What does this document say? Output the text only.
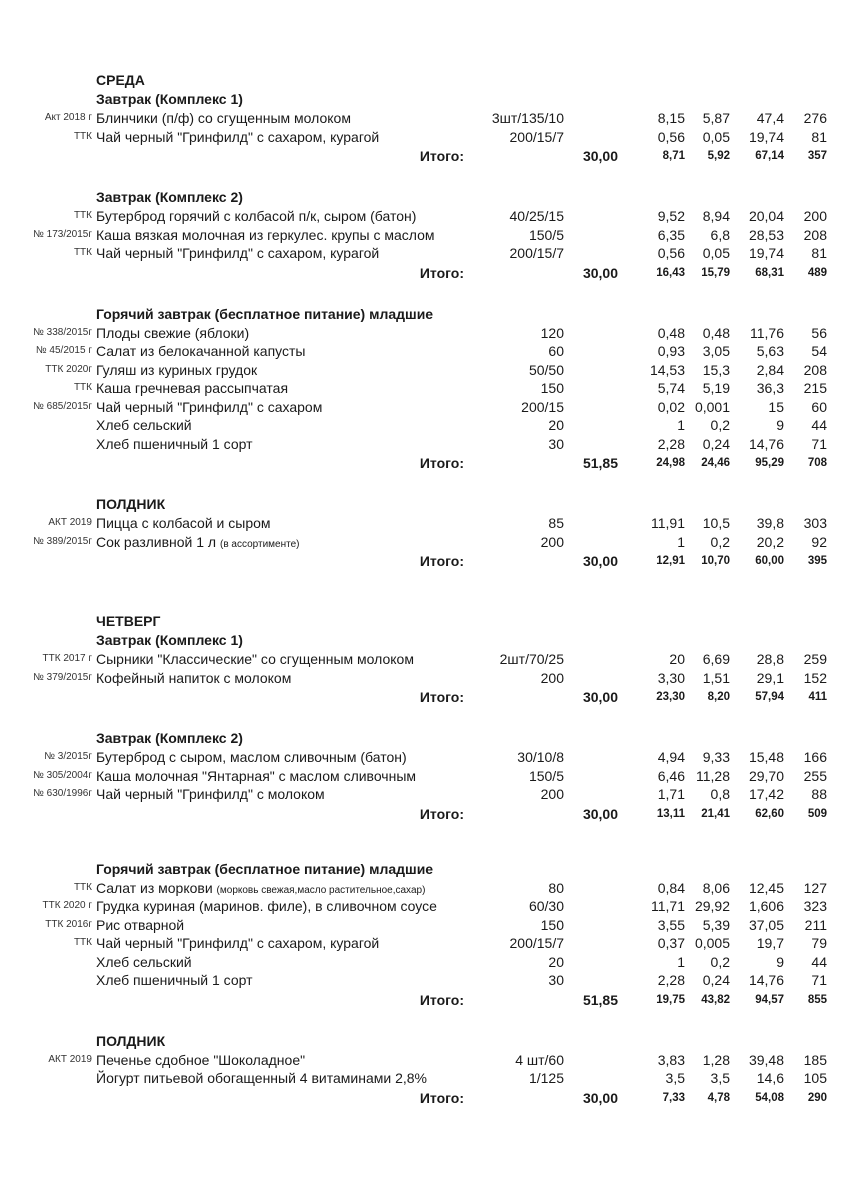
СРЕДА
Завтрак (Комплекс 1)
Акт 2018 г Блинчики (п/ф) со сгущенным молоком	3шт/135/10	8,15 5,87 47,4 276
ТТК Чай черный "Гринфилд" с сахаром, курагой	200/15/7	0,56 0,05 19,74 81
Итого:	30,00	8,71 5,92 67,14 357
Завтрак (Комплекс 2)
ТТК Бутерброд горячий с колбасой п/к, сыром (батон)	40/25/15	9,52 8,94 20,04 200
№ 173/2015г Каша вязкая молочная из геркулес. крупы с маслом	150/5	6,35 6,8 28,53 208
ТТК Чай черный "Гринфилд" с сахаром, курагой	200/15/7	0,56 0,05 19,74 81
Итого:	30,00	16,43 15,79 68,31 489
Горячий завтрак (бесплатное питание) младшие
№ 338/2015г Плоды свежие (яблоки)	120	0,48 0,48 11,76 56
№ 45/2015 г Салат из белокачанной капусты	60	0,93 3,05 5,63 54
ТТК 2020г Гуляш из куриных грудок	50/50	14,53 15,3 2,84 208
ТТК Каша гречневая рассыпчатая	150	5,74 5,19 36,3 215
№ 685/2015г Чай черный "Гринфилд" с сахаром	200/15	0,02 0,001	15 60
Хлеб сельский	20	1 0,2	9 44
Хлеб пшеничный 1 сорт	30	2,28 0,24 14,76 71
Итого:	51,85	24,98 24,46 95,29 708
ПОЛДНИК
АКТ 2019 Пицца с колбасой и сыром	85	11,91 10,5 39,8 303
№ 389/2015г Сок разливной 1 л (в ассортименте)	200	1 0,2 20,2 92
Итого:	30,00	12,91 10,70 60,00 395
ЧЕТВЕРГ
Завтрак (Комплекс 1)
ТТК 2017 г Сырники "Классические" со сгущенным молоком	2шт/70/25	20 6,69 28,8 259
№ 379/2015г Кофейный напиток с молоком	200	3,30 1,51 29,1 152
Итого:	30,00	23,30 8,20 57,94 411
Завтрак (Комплекс 2)
№ 3/2015г Бутерброд с сыром, маслом сливочным (батон)	30/10/8	4,94 9,33 15,48 166
№ 305/2004г Каша молочная "Янтарная" с маслом сливочным	150/5	6,46 11,28 29,70 255
№ 630/1996г Чай черный "Гринфилд" с молоком	200	1,71 0,8 17,42 88
Итого:	30,00	13,11 21,41 62,60 509
Горячий завтрак (бесплатное питание) младшие
ТТК Салат из моркови (морковь свежая,масло растительное,сахар)	80	0,84 8,06 12,45 127
ТТК 2020 г Грудка куриная (маринов. филе), в сливочном соусе	60/30	11,71 29,92 1,606 323
ТТК 2016г Рис отварной	150	3,55 5,39 37,05 211
ТТК Чай черный "Гринфилд" с сахаром, курагой	200/15/7	0,37 0,005 19,7 79
Хлеб сельский	20	1 0,2	9 44
Хлеб пшеничный 1 сорт	30	2,28 0,24 14,76 71
Итого:	51,85	19,75 43,82 94,57 855
ПОЛДНИК
АКТ 2019 Печенье сдобное "Шоколадное"	4 шт/60	3,83 1,28 39,48 185
Йогурт питьевой обогащенный 4 витаминами 2,8%	1/125	3,5 3,5 14,6 105
Итого:	30,00	7,33 4,78 54,08 290
